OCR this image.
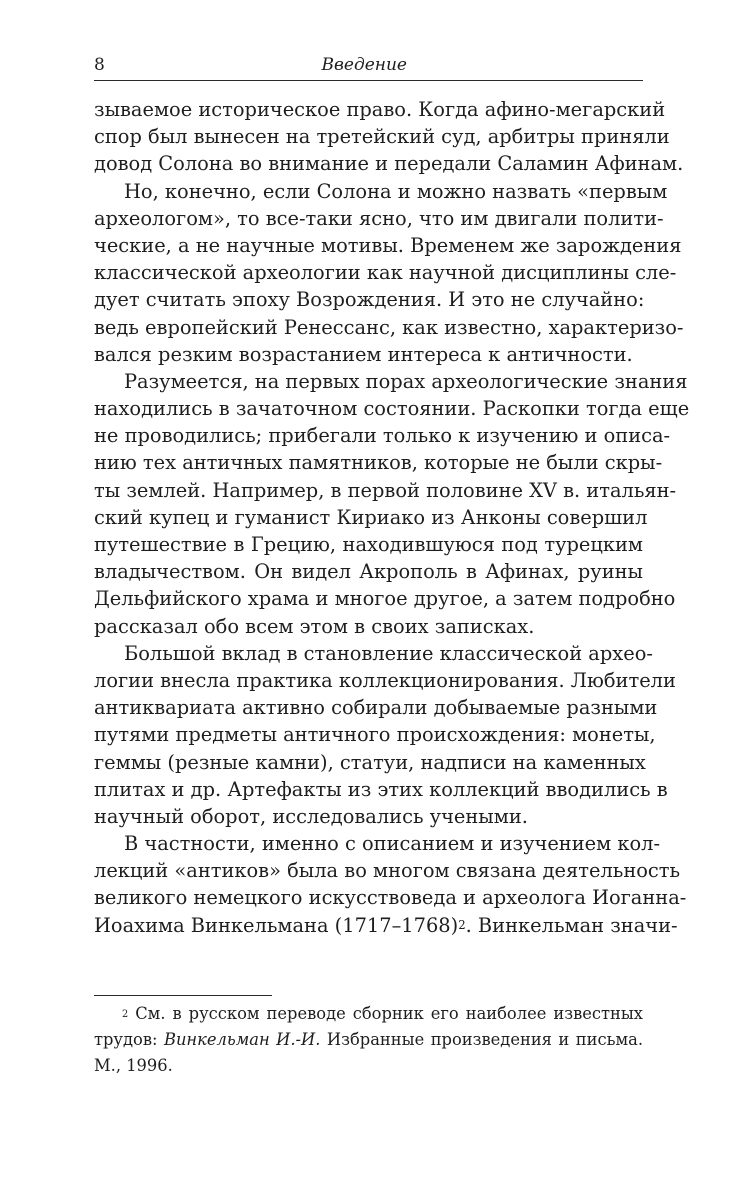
8	Введение
зываемое историческое право. Когда афино-мегарский
спор был вынесен на третейский суд, арбитры приняли
довод Солона во внимание и передали Саламин Афинам.
Но, конечно, если Солона и можно назвать «первым
археологом», то все-таки ясно, что им двигали полити-
ческие, а не научные мотивы. Временем же зарождения
классической археологии как научной дисциплины сле-
дует считать эпоху Возрождения. И это не случайно:
ведь европейский Ренессанс, как известно, характеризо-
вался резким возрастанием интереса к античности.
Разумеется, на первых порах археологические знания
находились в зачаточном состоянии. Раскопки тогда еще
не проводились; прибегали только к изучению и описа-
нию тех античных памятников, которые не были скры-
ты землей. Например, в первой половине XV в. итальян-
ский купец и гуманист Кириако из Анконы совершил
путешествие в Грецию, находившуюся под турецким
владычеством. Он видел Акрополь в Афинах, руины
Дельфийского храма и многое другое, а затем подробно
рассказал обо всем этом в своих записках.
Большой вклад в становление классической архео-
логии внесла практика коллекционирования. Любители
антиквариата активно собирали добываемые разными
путями предметы античного происхождения: монеты,
геммы (резные камни), статуи, надписи на каменных
плитах и др. Артефакты из этих коллекций вводились в
научный оборот, исследовались учеными.
В частности, именно с описанием и изучением кол-
лекций «антиков» была во многом связана деятельность
великого немецкого искусствоведа и археолога Иоганна-
Иоахима Винкельмана (1717–1768)$^2$. Винкельман значи-
$^2$ См. в русском переводе сборник его наиболее известных
трудов: Винкельман И.-И. Избранные произведения и письма.
М., 1996.
